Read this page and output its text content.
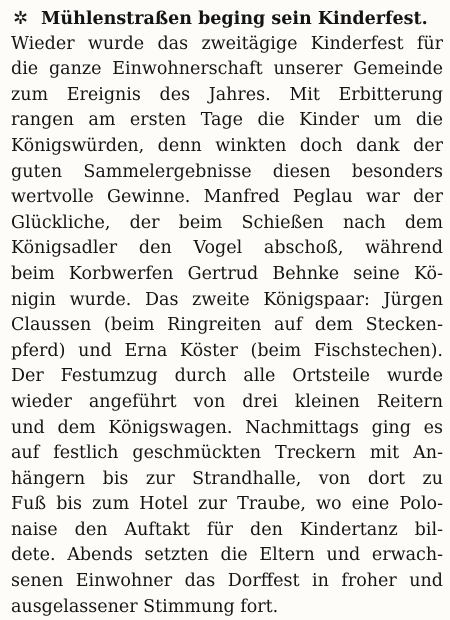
✲ Mühlenstraßen beging sein Kinderfest.
Wieder wurde das zweitägige Kinderfest für
die ganze Einwohnerschaft unserer Gemeinde
zum Ereignis des Jahres. Mit Erbitterung
rangen am ersten Tage die Kinder um die
Königswürden, denn winkten doch dank der
guten Sammelergebnisse diesen besonders
wertvolle Gewinne. Manfred Peglau war der
Glückliche, der beim Schießen nach dem
Königsadler den Vogel abschoß, während
beim Korbwerfen Gertrud Behnke seine Kö-
nigin wurde. Das zweite Königspaar: Jürgen
Claussen (beim Ringreiten auf dem Stecken-
pferd) und Erna Köster (beim Fischstechen).
Der Festumzug durch alle Ortsteile wurde
wieder angeführt von drei kleinen Reitern
und dem Königswagen. Nachmittags ging es
auf festlich geschmückten Treckern mit An-
hängern bis zur Strandhalle, von dort zu
Fuß bis zum Hotel zur Traube, wo eine Polo-
naise den Auftakt für den Kindertanz bil-
dete. Abends setzten die Eltern und erwach-
senen Einwohner das Dorffest in froher und
ausgelassener Stimmung fort.
